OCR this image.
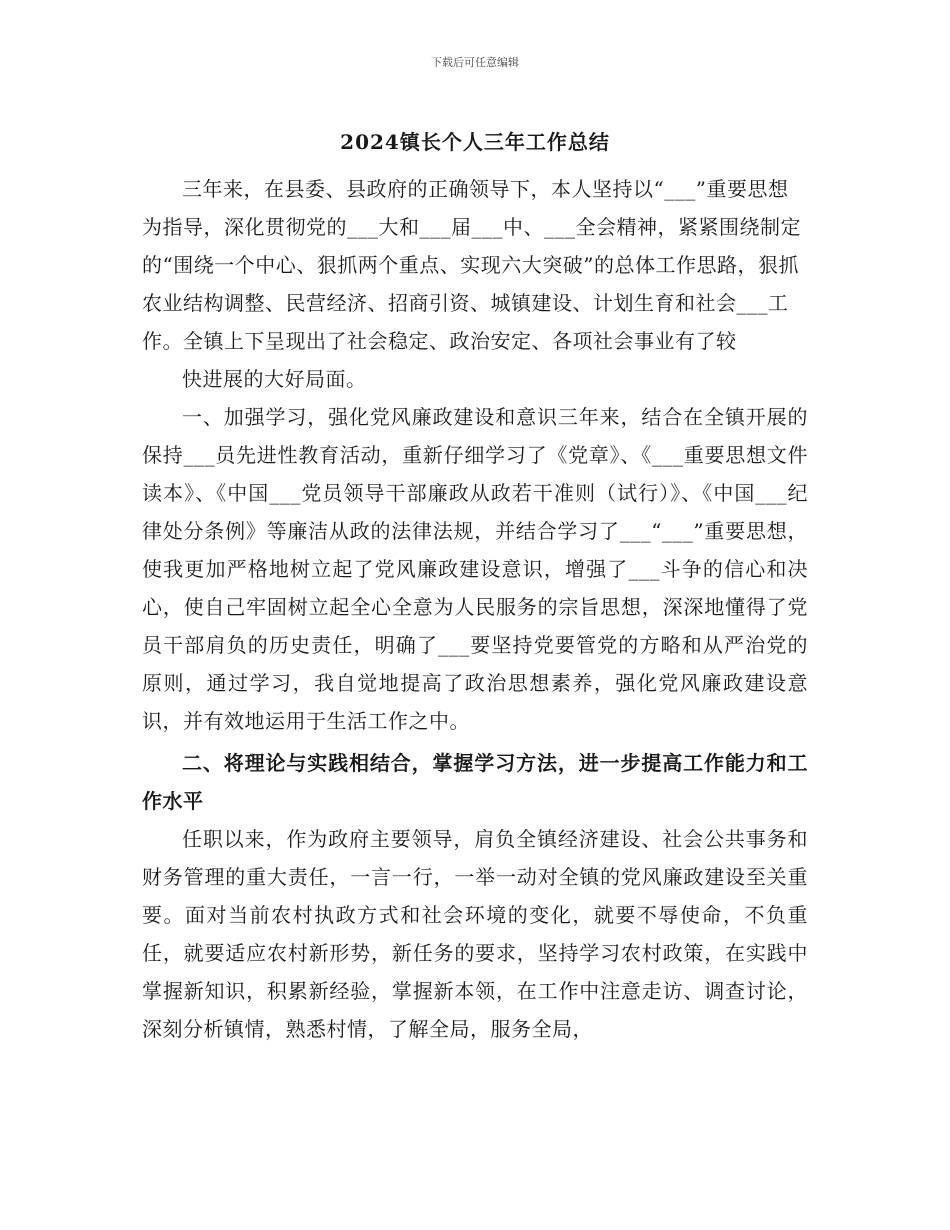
下载后可任意编辑
2024镇长个人三年工作总结

三年来，在县委、县政府的正确领导下，本人坚持以“___”重要思想为指导，深化贯彻党的___大和___届___中、___全会精神，紧紧围绕制定的“围绕一个中心、狠抓两个重点、实现六大突破”的总体工作思路，狠抓农业结构调整、民营经济、招商引资、城镇建设、计划生育和社会___工作。全镇上下呈现出了社会稳定、政治安定、各项社会事业有了较

快进展的大好局面。

一、加强学习，强化党风廉政建设和意识三年来，结合在全镇开展的保持___员先进性教育活动，重新仔细学习了《党章》、《___重要思想文件读本》、《中国___党员领导干部廉政从政若干准则（试行）》、《中国___纪律处分条例》等廉洁从政的法律法规，并结合学习了___“___”重要思想，使我更加严格地树立起了党风廉政建设意识，增强了___斗争的信心和决心，使自己牢固树立起全心全意为人民服务的宗旨思想，深深地懂得了党员干部肩负的历史责任，明确了___要坚持党要管党的方略和从严治党的原则，通过学习，我自觉地提高了政治思想素养，强化党风廉政建设意识，并有效地运用于生活工作之中。

二、将理论与实践相结合，掌握学习方法，进一步提高工作能力和工作水平

任职以来，作为政府主要领导，肩负全镇经济建设、社会公共事务和财务管理的重大责任，一言一行，一举一动对全镇的党风廉政建设至关重要。面对当前农村执政方式和社会环境的变化，就要不辱使命，不负重任，就要适应农村新形势，新任务的要求，坚持学习农村政策，在实践中掌握新知识，积累新经验，掌握新本领，在工作中注意走访、调查讨论，深刻分析镇情，熟悉村情，了解全局，服务全局，
